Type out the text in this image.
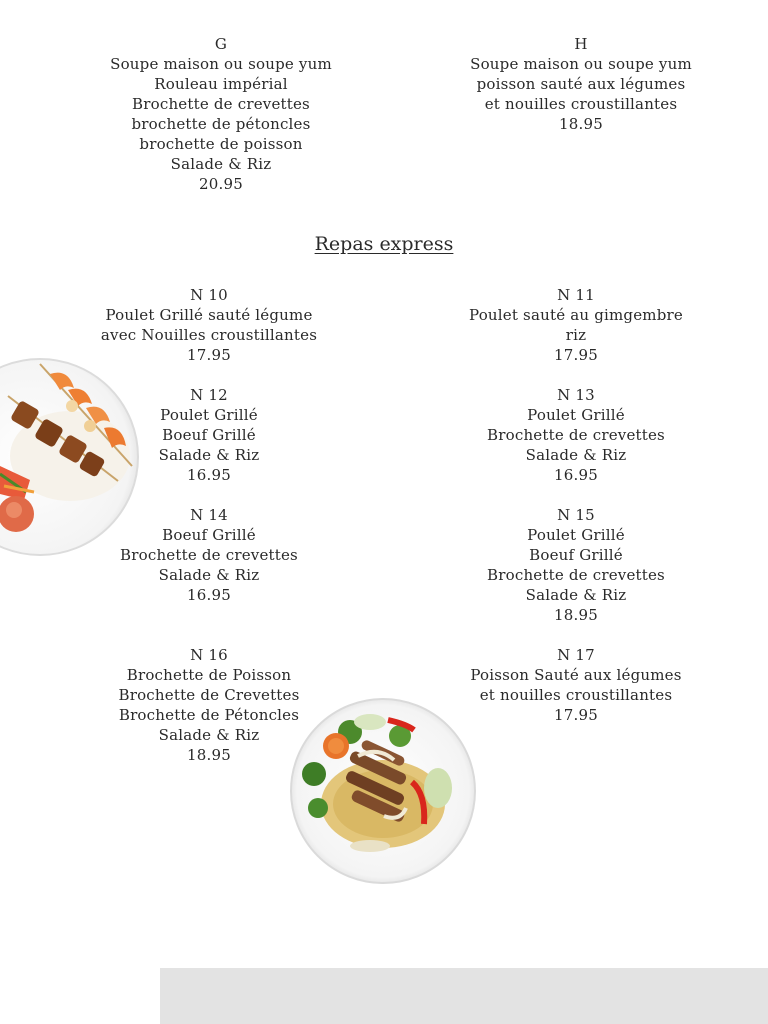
G
Soupe maison ou soupe yum
Rouleau impérial
Brochette de crevettes
brochette de pétoncles
brochette de poisson
Salade & Riz
20.95
H
Soupe maison ou soupe yum
poisson sauté aux légumes
et nouilles croustillantes
18.95
Repas express
N 10
Poulet Grillé sauté légume
avec Nouilles croustillantes
17.95
N 11
Poulet sauté au gimgembre
riz
17.95
N 12
Poulet Grillé
Boeuf Grillé
Salade & Riz
16.95
N 13
Poulet Grillé
Brochette de crevettes
Salade & Riz
16.95
N 14
Boeuf Grillé
Brochette de crevettes
Salade & Riz
16.95
N 15
Poulet Grillé
Boeuf Grillé
Brochette de crevettes
Salade & Riz
18.95
N 16
Brochette de Poisson
Brochette de Crevettes
Brochette de Pétoncles
Salade & Riz
18.95
N 17
Poisson Sauté aux légumes
et nouilles croustillantes
17.95
